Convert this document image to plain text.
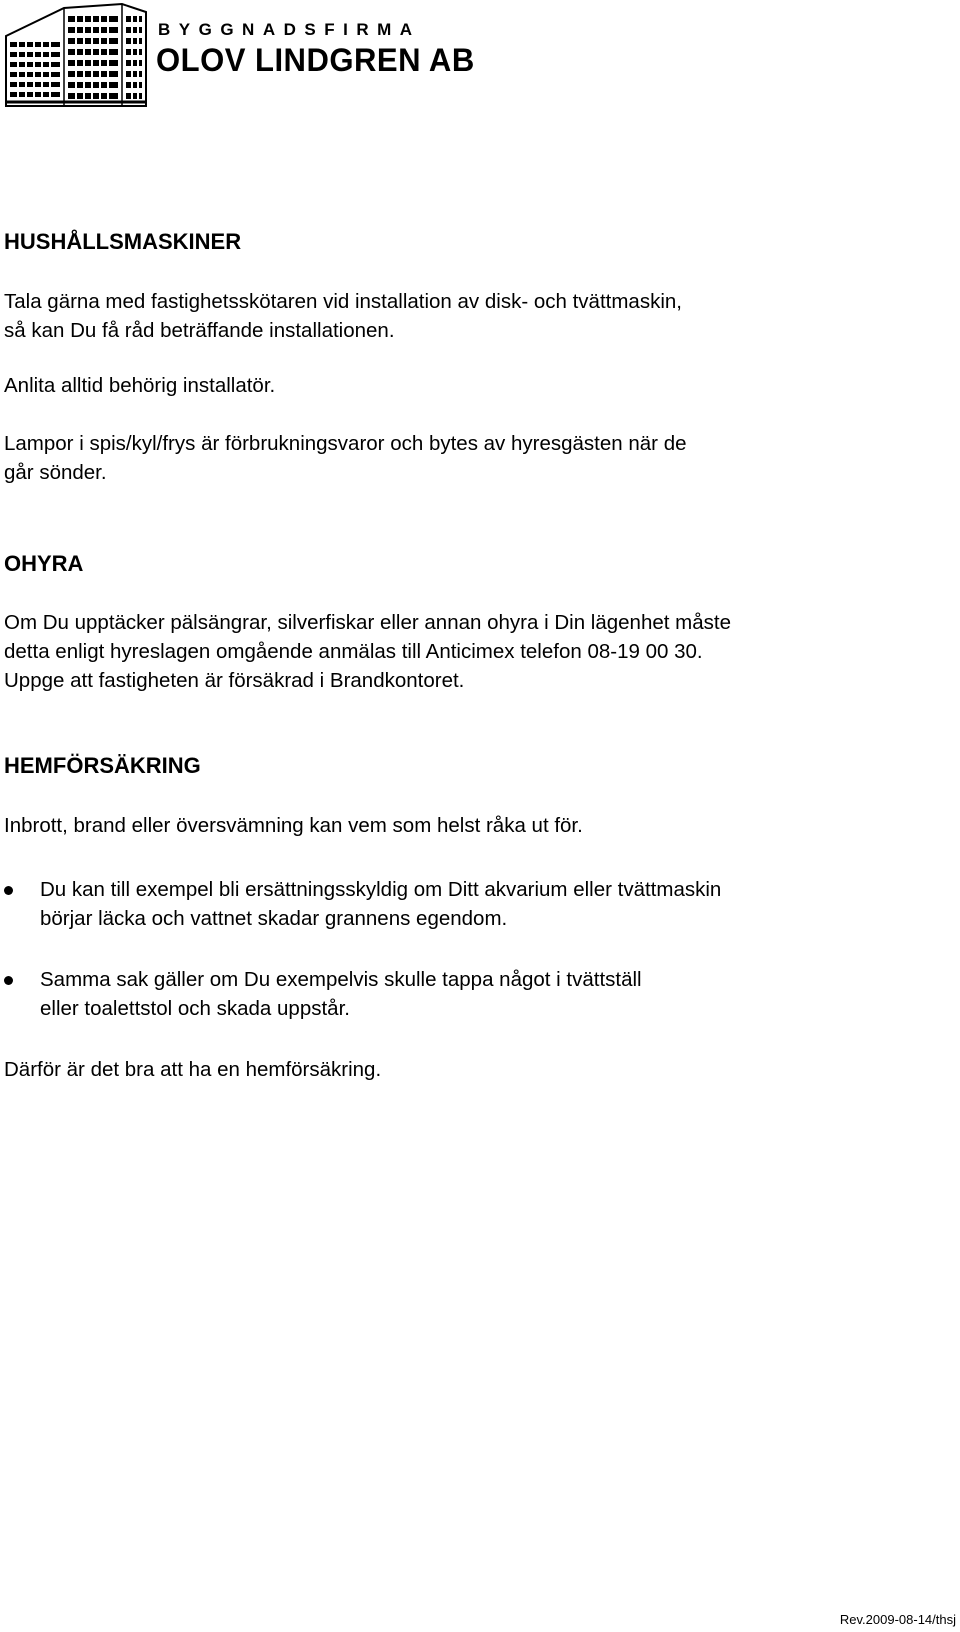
BYGGNADSFIRMA
OLOV LINDGREN AB
HUSHÅLLSMASKINER

Tala gärna med fastighetsskötaren vid installation av disk- och tvättmaskin,

så kan Du få råd beträffande installationen.

Anlita alltid behörig installatör.

Lampor i spis/kyl/frys är förbrukningsvaror och bytes av hyresgästen när de

går sönder.

OHYRA

Om Du upptäcker pälsängrar, silverfiskar eller annan ohyra i Din lägenhet måste

detta enligt hyreslagen omgående anmälas till Anticimex telefon 08-19 00 30.

Uppge att fastigheten är försäkrad i Brandkontoret.

HEMFÖRSÄKRING

Inbrott, brand eller översvämning kan vem som helst råka ut för.

Du kan till exempel bli ersättningsskyldig om Ditt akvarium eller tvättmaskin

börjar läcka och vattnet skadar grannens egendom.

Samma sak gäller om Du exempelvis skulle tappa något i tvättställ

eller toalettstol och skada uppstår.

Därför är det bra att ha en hemförsäkring.

Rev.2009-08-14/thsj
